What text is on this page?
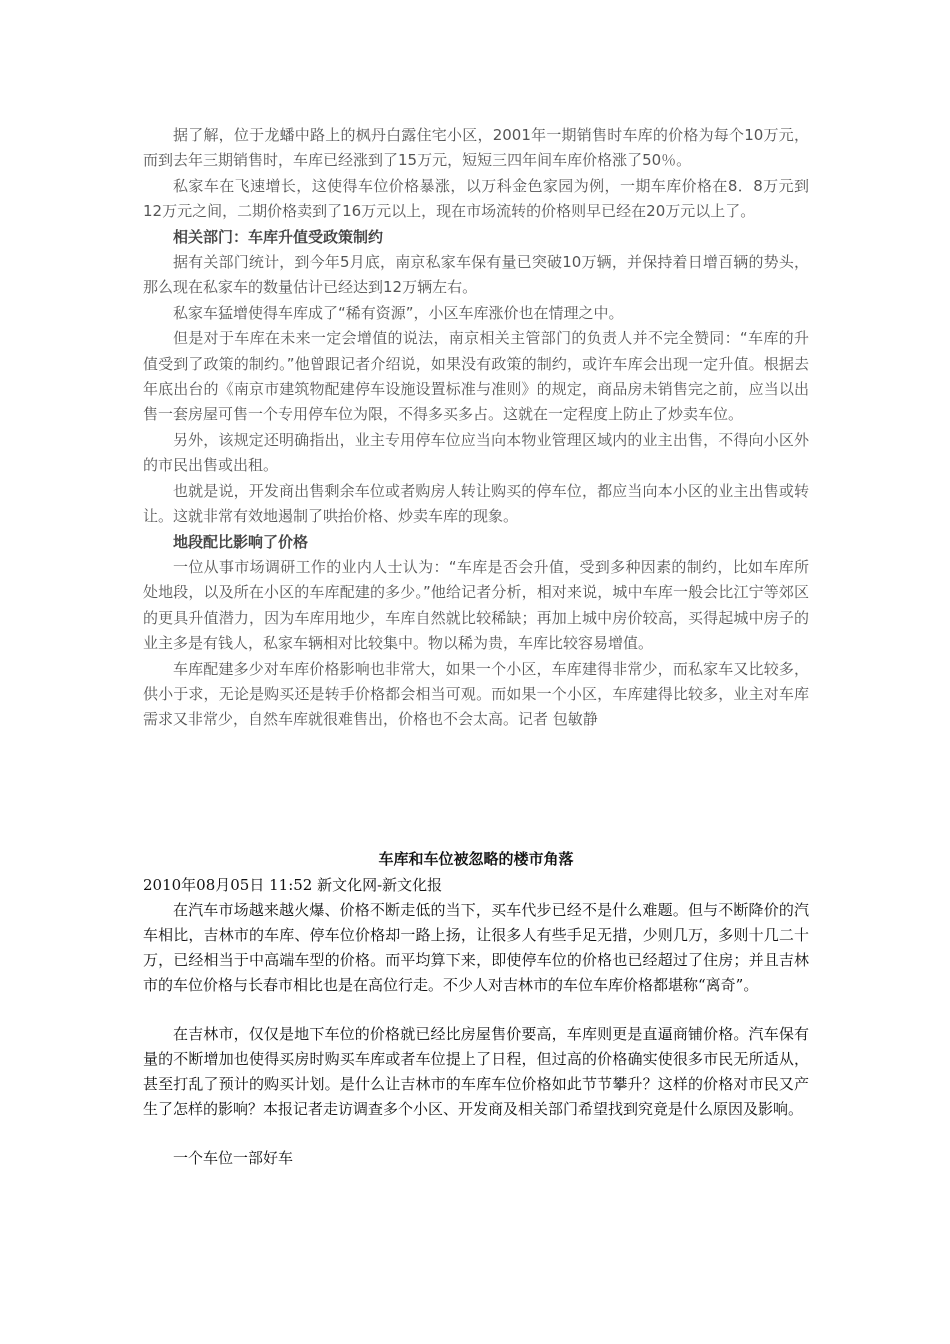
据了解，位于龙蟠中路上的枫丹白露住宅小区，2001年一期销售时车库的价格为每个10万元，而到去年三期销售时，车库已经涨到了15万元，短短三四年间车库价格涨了50％。

私家车在飞速增长，这使得车位价格暴涨，以万科金色家园为例，一期车库价格在8．8万元到12万元之间，二期价格卖到了16万元以上，现在市场流转的价格则早已经在20万元以上了。

相关部门：车库升值受政策制约

据有关部门统计，到今年5月底，南京私家车保有量已突破10万辆，并保持着日增百辆的势头，那么现在私家车的数量估计已经达到12万辆左右。

私家车猛增使得车库成了“稀有资源”，小区车库涨价也在情理之中。

但是对于车库在未来一定会增值的说法，南京相关主管部门的负责人并不完全赞同：“车库的升值受到了政策的制约。”他曾跟记者介绍说，如果没有政策的制约，或许车库会出现一定升值。根据去年底出台的《南京市建筑物配建停车设施设置标准与准则》的规定，商品房未销售完之前，应当以出售一套房屋可售一个专用停车位为限，不得多买多占。这就在一定程度上防止了炒卖车位。

另外，该规定还明确指出，业主专用停车位应当向本物业管理区域内的业主出售，不得向小区外的市民出售或出租。

也就是说，开发商出售剩余车位或者购房人转让购买的停车位，都应当向本小区的业主出售或转让。这就非常有效地遏制了哄抬价格、炒卖车库的现象。

地段配比影响了价格

一位从事市场调研工作的业内人士认为：“车库是否会升值，受到多种因素的制约，比如车库所处地段，以及所在小区的车库配建的多少。”他给记者分析，相对来说，城中车库一般会比江宁等郊区的更具升值潜力，因为车库用地少，车库自然就比较稀缺；再加上城中房价较高，买得起城中房子的业主多是有钱人，私家车辆相对比较集中。物以稀为贵，车库比较容易增值。

车库配建多少对车库价格影响也非常大，如果一个小区，车库建得非常少，而私家车又比较多，供小于求，无论是购买还是转手价格都会相当可观。而如果一个小区，车库建得比较多，业主对车库需求又非常少，自然车库就很难售出，价格也不会太高。记者 包敏静

车库和车位被忽略的楼市角落
2010年08月05日 11:52 新文化网-新文化报

在汽车市场越来越火爆、价格不断走低的当下，买车代步已经不是什么难题。但与不断降价的汽车相比，吉林市的车库、停车位价格却一路上扬，让很多人有些手足无措，少则几万，多则十几二十万，已经相当于中高端车型的价格。而平均算下来，即使停车位的价格也已经超过了住房；并且吉林市的车位价格与长春市相比也是在高位行走。不少人对吉林市的车位车库价格都堪称“离奇”。

在吉林市，仅仅是地下车位的价格就已经比房屋售价要高，车库则更是直逼商铺价格。汽车保有量的不断增加也使得买房时购买车库或者车位提上了日程，但过高的价格确实使很多市民无所适从，甚至打乱了预计的购买计划。是什么让吉林市的车库车位价格如此节节攀升？这样的价格对市民又产生了怎样的影响？本报记者走访调查多个小区、开发商及相关部门希望找到究竟是什么原因及影响。

一个车位一部好车
